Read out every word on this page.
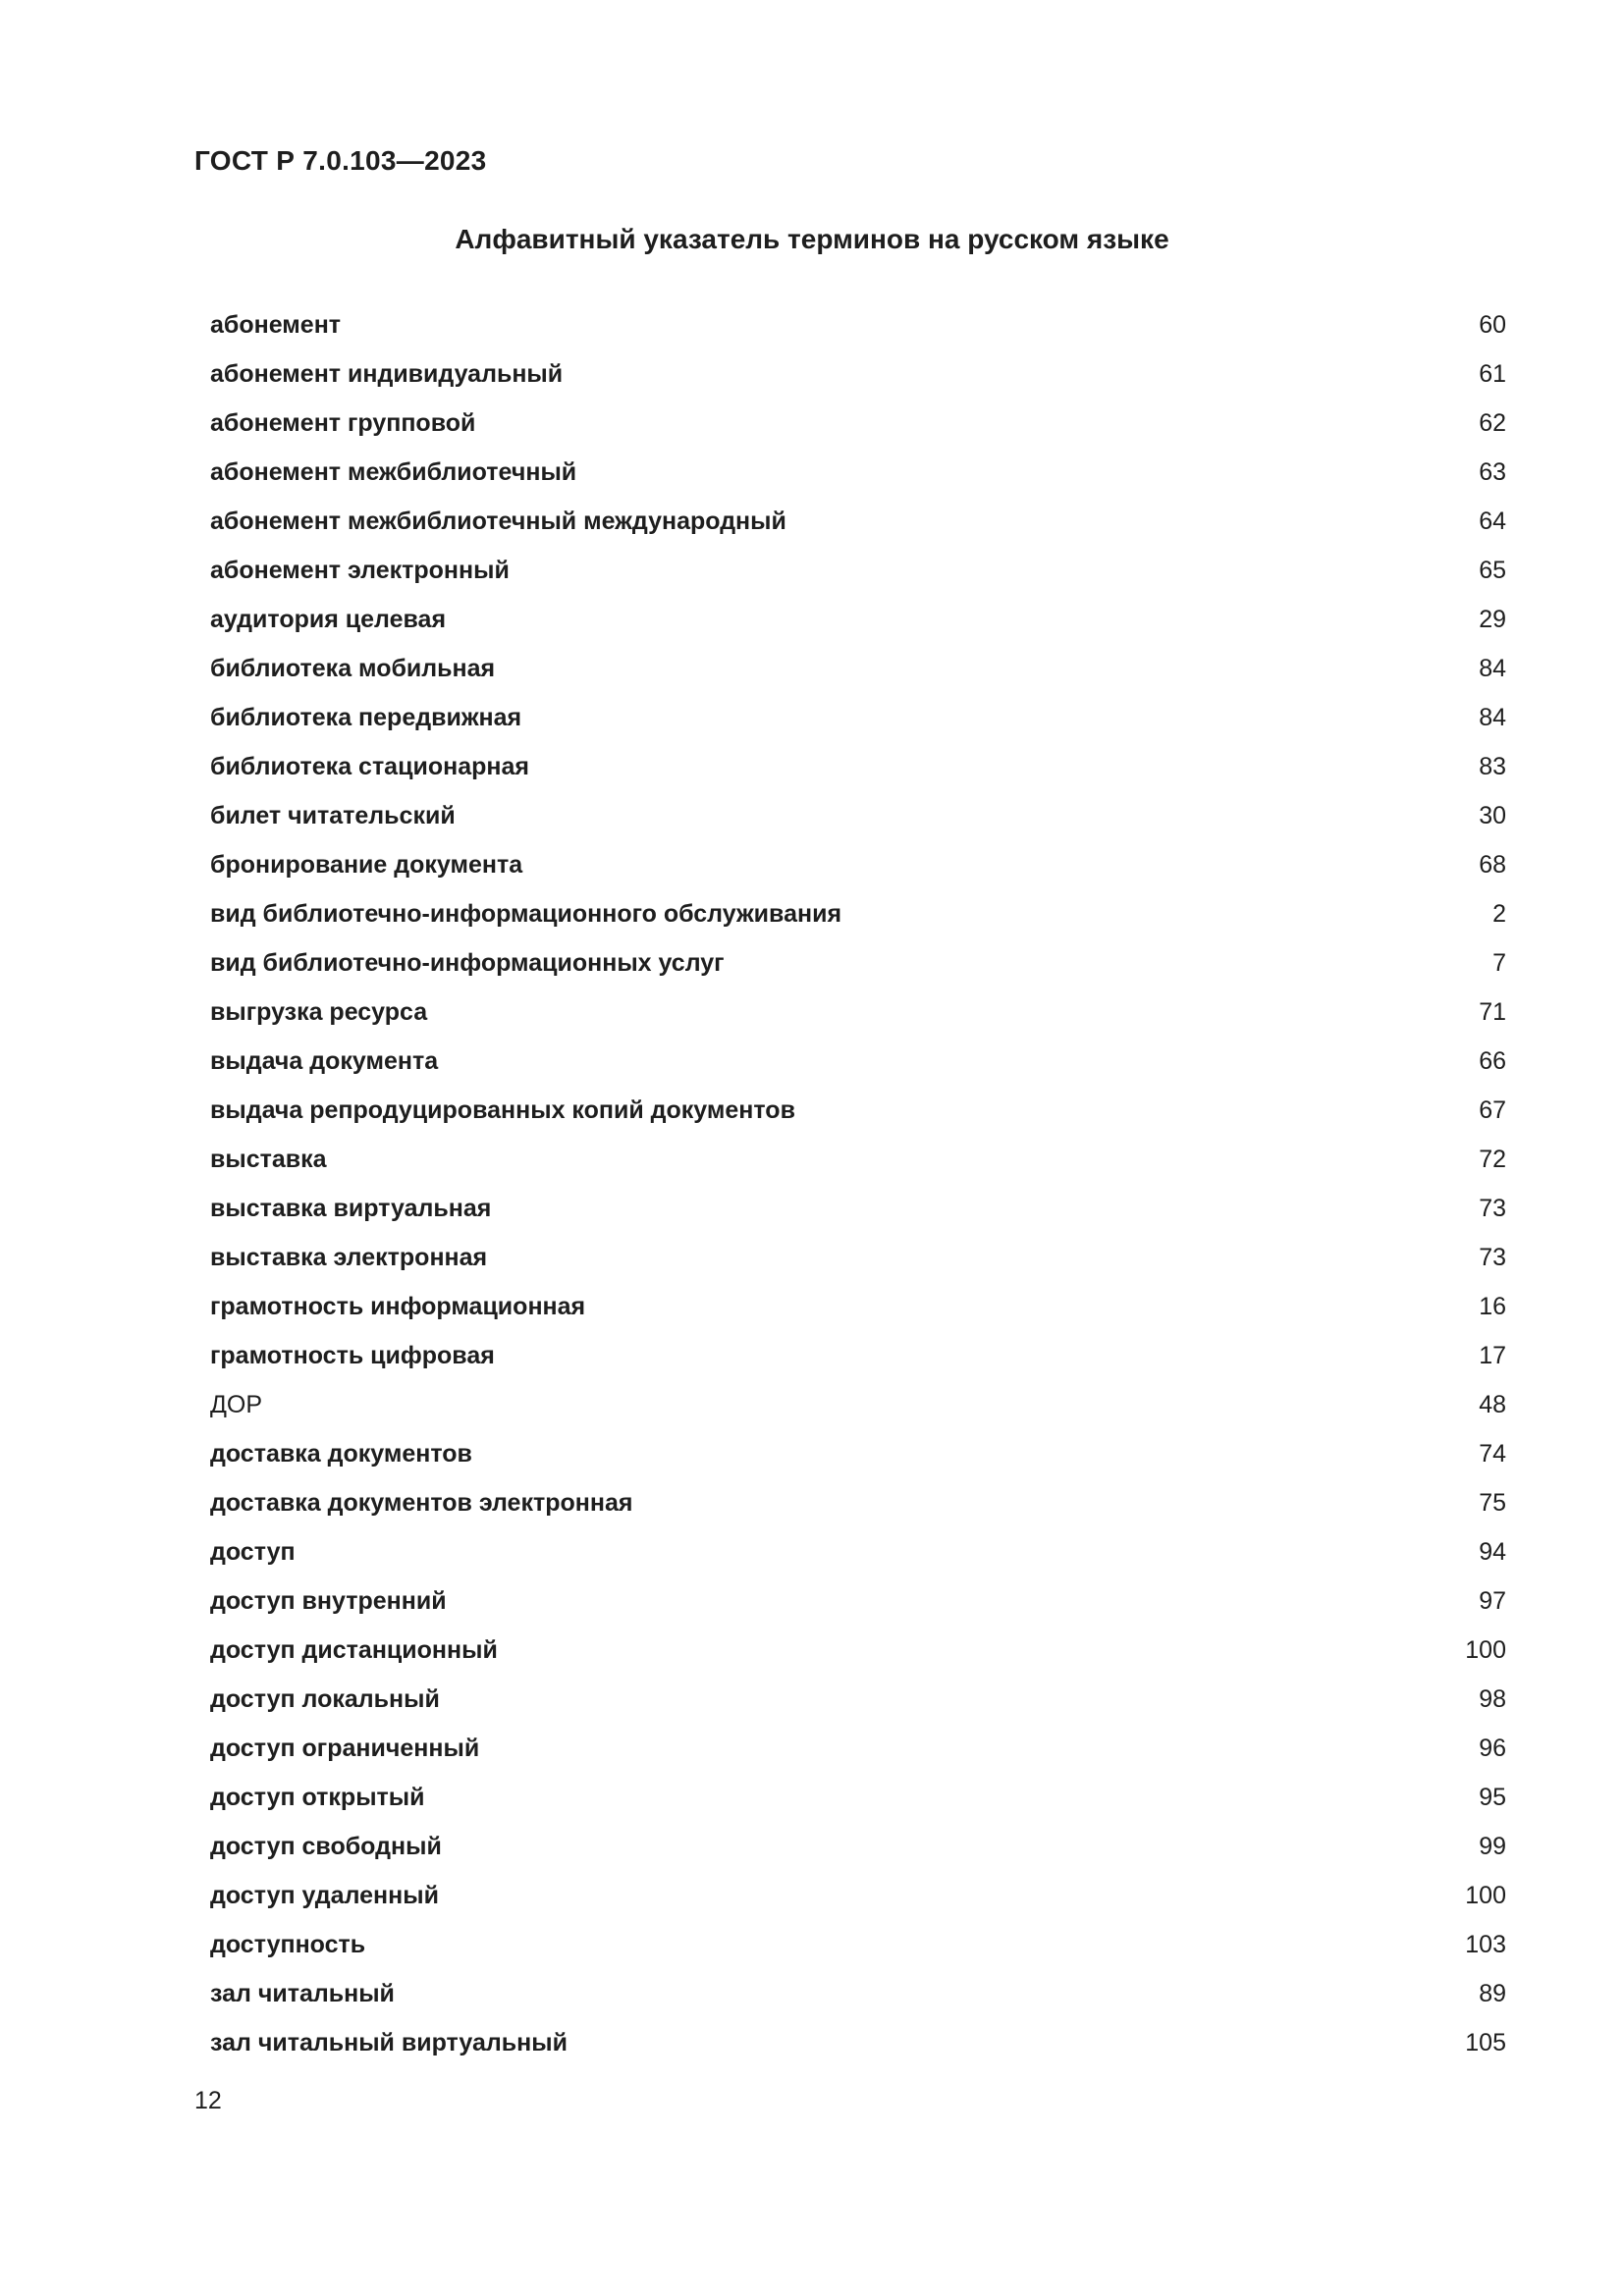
ГОСТ Р 7.0.103—2023
Алфавитный указатель терминов на русском языке
абонемент	60
абонемент индивидуальный	61
абонемент групповой	62
абонемент межбиблиотечный	63
абонемент межбиблиотечный международный	64
абонемент электронный	65
аудитория целевая	29
библиотека мобильная	84
библиотека передвижная	84
библиотека стационарная	83
билет читательский	30
бронирование документа	68
вид библиотечно-информационного обслуживания	2
вид библиотечно-информационных услуг	7
выгрузка ресурса	71
выдача документа	66
выдача репродуцированных копий документов	67
выставка	72
выставка виртуальная	73
выставка электронная	73
грамотность информационная	16
грамотность цифровая	17
ДОР	48
доставка документов	74
доставка документов электронная	75
доступ	94
доступ внутренний	97
доступ дистанционный	100
доступ локальный	98
доступ ограниченный	96
доступ открытый	95
доступ свободный	99
доступ удаленный	100
доступность	103
зал читальный	89
зал читальный виртуальный	105
12
